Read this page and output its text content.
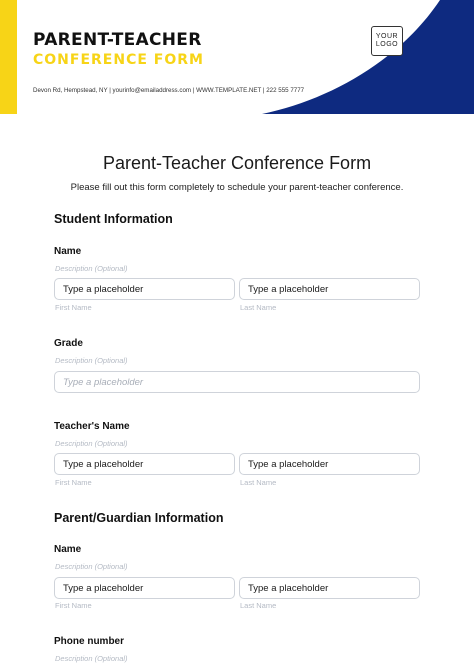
PARENT-TEACHER
CONFERENCE FORM
Devon Rd, Hempstead, NY | yourinfo@emailaddress.com | WWW.TEMPLATE.NET | 222 555 7777
YOUR
LOGO
Parent-Teacher Conference Form
Please fill out this form completely to schedule your parent-teacher conference.
Student Information
Name
Description (Optional)
Type a placeholder	Type a placeholder
First Name	Last Name
Grade
Description (Optional)
Type a placeholder
Teacher's Name
Description (Optional)
Type a placeholder	Type a placeholder
First Name	Last Name
Parent/Guardian Information
Name
Description (Optional)
Type a placeholder	Type a placeholder
First Name	Last Name
Phone number
Description (Optional)
